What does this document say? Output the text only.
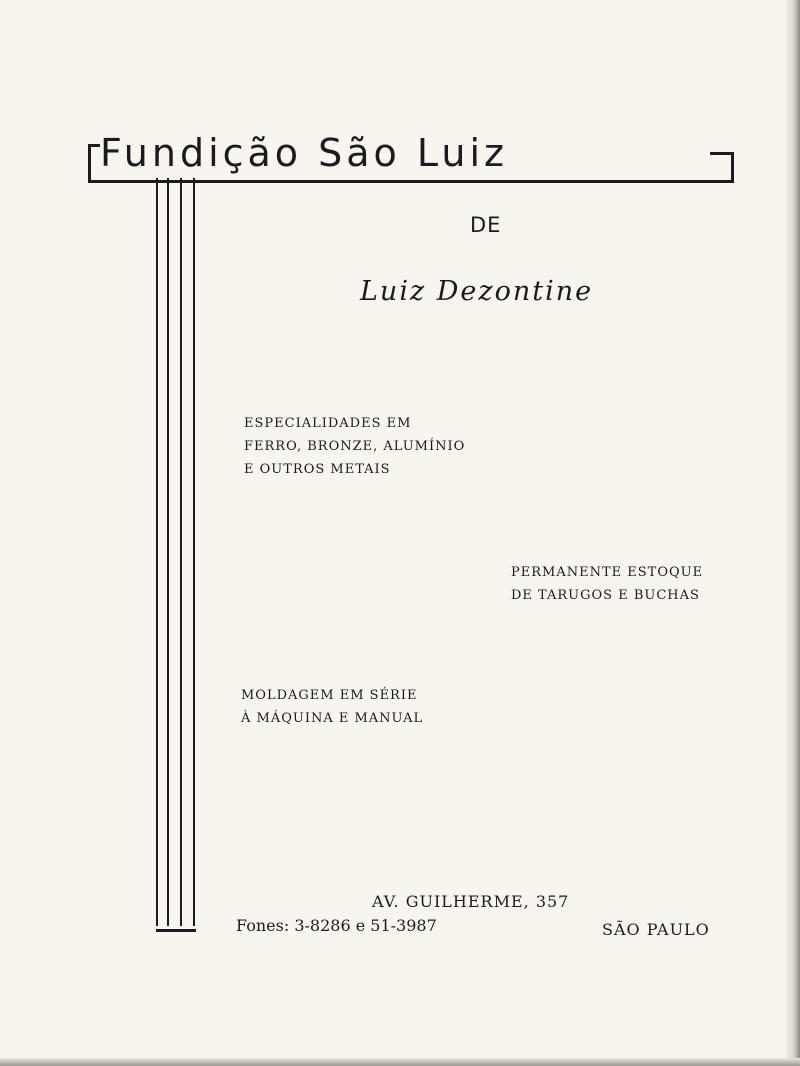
Fundição São Luiz
DE
Luiz Dezontine
ESPECIALIDADES EM
FERRO, BRONZE, ALUMÍNIO
E OUTROS METAIS
PERMANENTE ESTOQUE
DE TARUGOS E BUCHAS
MOLDAGEM EM SÉRIE
À MÁQUINA E MANUAL
AV. GUILHERME, 357
Fones: 3-8286 e 51-3987	SÃO PAULO
